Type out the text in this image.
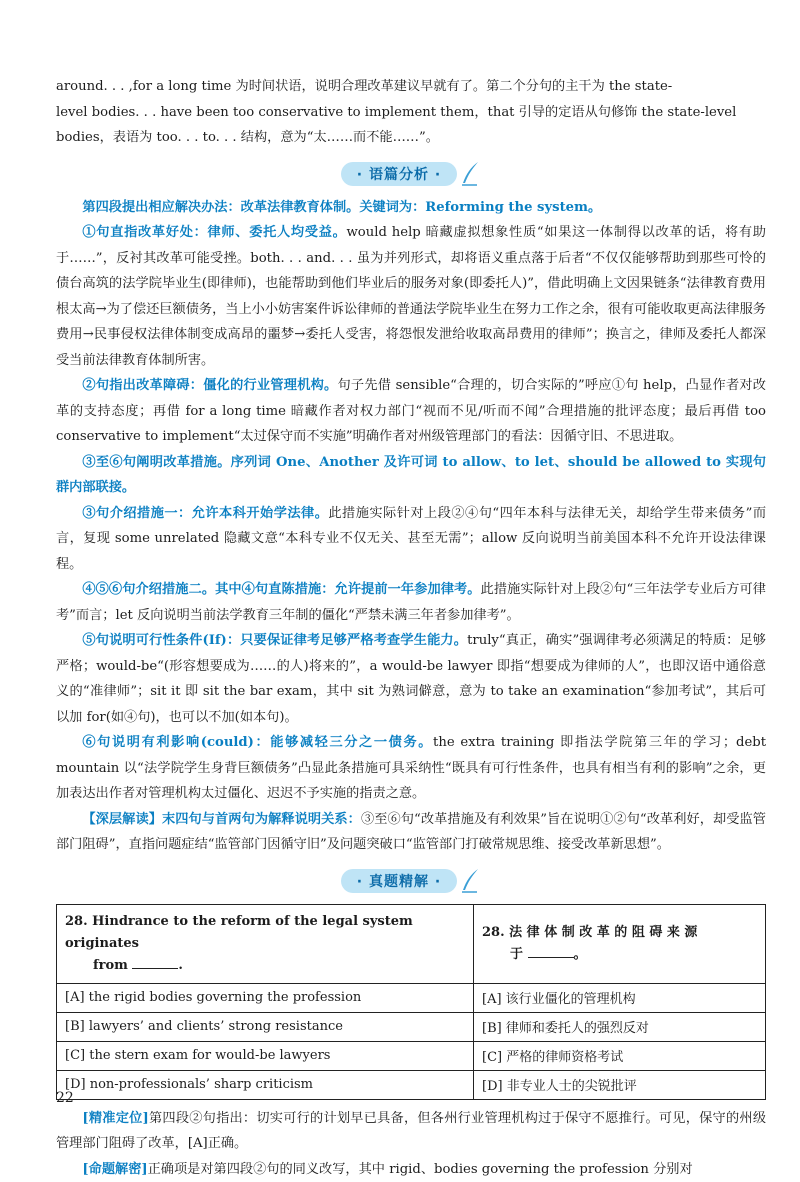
around. . . ,for a long time 为时间状语，说明合理改革建议早就有了。第二个分句的主干为 the state-
level bodies. . . have been too conservative to implement them，that 引导的定语从句修饰 the state-level
bodies，表语为 too. . . to. . . 结构，意为“太……而不能……”。

· 语篇分析 ·

第四段提出相应解决办法：改革法律教育体制。关键词为：Reforming the system。

①句直指改革好处：律师、委托人均受益。would help 暗藏虚拟想象性质“如果这一体制得以改革的话，将有助于……”，反衬其改革可能受挫。both. . . and. . . 虽为并列形式，却将语义重点落于后者“不仅仅能够帮助到那些可怜的债台高筑的法学院毕业生(即律师)，也能帮助到他们毕业后的服务对象(即委托人)”，借此明确上文因果链条“法律教育费用根太高→为了偿还巨额债务，当上小小妨害案件诉讼律师的普通法学院毕业生在努力工作之余，很有可能收取更高法律服务费用→民事侵权法律体制变成高昂的噩梦→委托人受害，将怨恨发泄给收取高昂费用的律师”；换言之，律师及委托人都深受当前法律教育体制所害。

②句指出改革障碍：僵化的行业管理机构。句子先借 sensible“合理的，切合实际的”呼应①句 help，凸显作者对改革的支持态度；再借 for a long time 暗藏作者对权力部门“视而不见/听而不闻”合理措施的批评态度；最后再借 too conservative to implement“太过保守而不实施”明确作者对州级管理部门的看法：因循守旧、不思进取。

③至⑥句阐明改革措施。序列词 One、Another 及许可词 to allow、to let、should be allowed to 实现句群内部联接。

③句介绍措施一：允许本科开始学法律。此措施实际针对上段②④句“四年本科与法律无关，却给学生带来债务”而言，复现 some unrelated 隐藏文意“本科专业不仅无关、甚至无需”；allow 反向说明当前美国本科不允许开设法律课程。

④⑤⑥句介绍措施二。其中④句直陈措施：允许提前一年参加律考。此措施实际针对上段②句“三年法学专业后方可律考”而言；let 反向说明当前法学教育三年制的僵化“严禁未满三年者参加律考”。

⑤句说明可行性条件(If)：只要保证律考足够严格考查学生能力。truly“真正，确实”强调律考必须满足的特质：足够严格；would-be“(形容想要成为……的人)将来的”，a would-be lawyer 即指“想要成为律师的人”，也即汉语中通俗意义的“准律师”；sit it 即 sit the bar exam，其中 sit 为熟词僻意，意为 to take an examination“参加考试”，其后可以加 for(如④句)，也可以不加(如本句)。

⑥句说明有利影响(could)：能够减轻三分之一债务。the extra training 即指法学院第三年的学习；debt mountain 以“法学院学生身背巨额债务”凸显此条措施可具采纳性“既具有可行性条件，也具有相当有利的影响”之余，更加表达出作者对管理机构太过僵化、迟迟不予实施的指责之意。

【深层解读】末四句与首两句为解释说明关系：③至⑥句“改革措施及有利效果”旨在说明①②句“改革利好，却受监管部门阻碍”，直指问题症结“监管部门因循守旧”及问题突破口“监管部门打破常规思维、接受改革新思想”。

· 真题精解 ·
28. Hindrance to the reform of the legal system originates
from .	28. 法 律 体 制 改 革 的 阻 碍 来 源
于 。
[A] the rigid bodies governing the profession	[A] 该行业僵化的管理机构
[B] lawyers’ and clients’ strong resistance	[B] 律师和委托人的强烈反对
[C] the stern exam for would-be lawyers	[C] 严格的律师资格考试
[D] non-professionals’ sharp criticism	[D] 非专业人士的尖锐批评

[精准定位]第四段②句指出：切实可行的计划早已具备，但各州行业管理机构过于保守不愿推行。可见，保守的州级管理部门阻碍了改革，[A]正确。

[命题解密]正确项是对第四段②句的同义改写，其中 rigid、bodies governing the profession 分别对

22
